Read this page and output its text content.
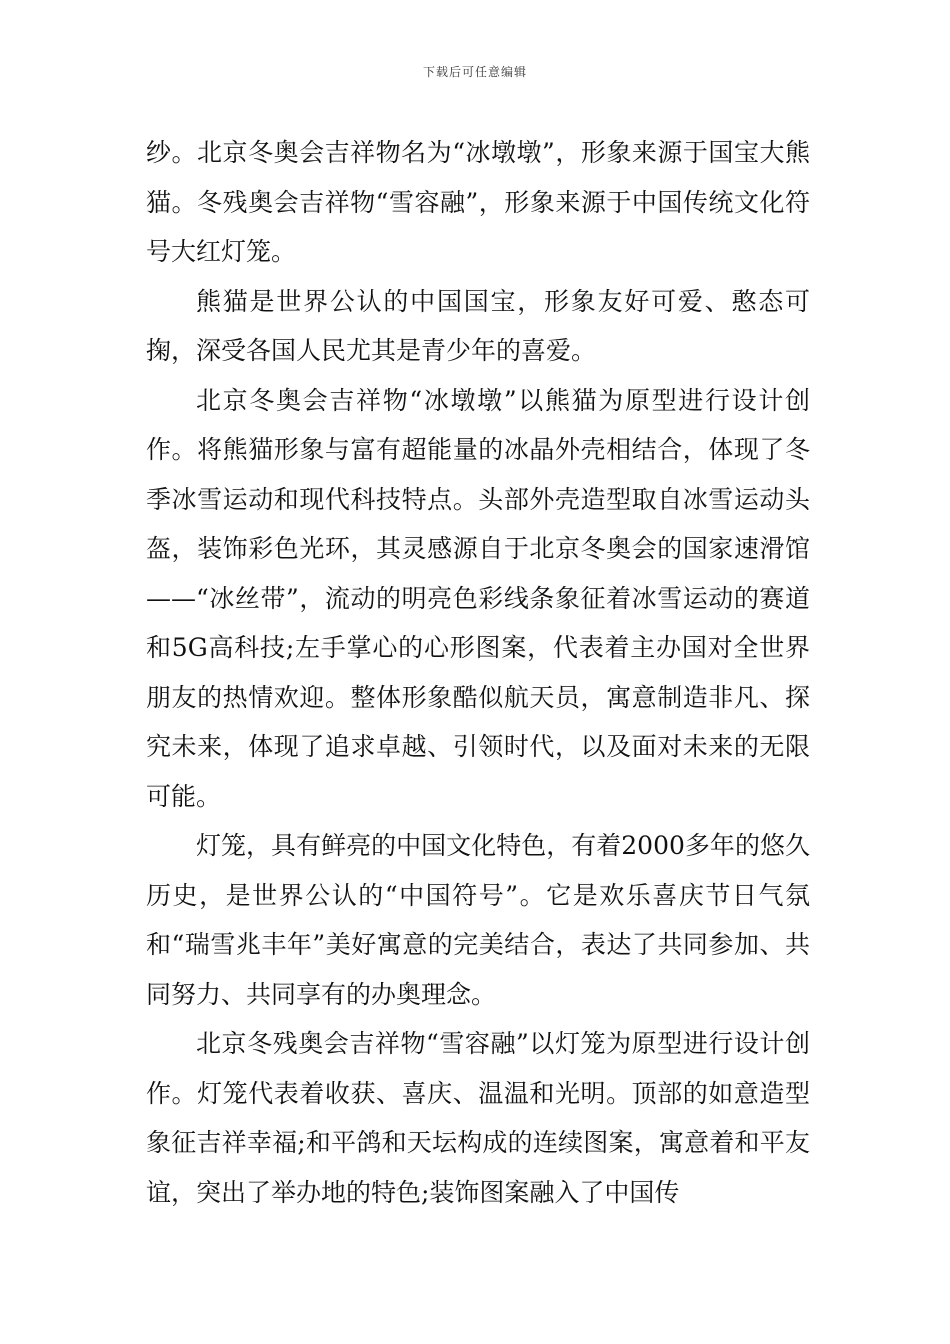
下载后可任意编辑

纱。北京冬奥会吉祥物名为“冰墩墩”，形象来源于国宝大熊猫。冬残奥会吉祥物“雪容融”，形象来源于中国传统文化符号大红灯笼。

熊猫是世界公认的中国国宝，形象友好可爱、憨态可掬，深受各国人民尤其是青少年的喜爱。

北京冬奥会吉祥物“冰墩墩”以熊猫为原型进行设计创作。将熊猫形象与富有超能量的冰晶外壳相结合，体现了冬季冰雪运动和现代科技特点。头部外壳造型取自冰雪运动头盔，装饰彩色光环，其灵感源自于北京冬奥会的国家速滑馆——“冰丝带”，流动的明亮色彩线条象征着冰雪运动的赛道和5G高科技;左手掌心的心形图案，代表着主办国对全世界朋友的热情欢迎。整体形象酷似航天员，寓意制造非凡、探究未来，体现了追求卓越、引领时代，以及面对未来的无限可能。

灯笼，具有鲜亮的中国文化特色，有着2000多年的悠久历史，是世界公认的“中国符号”。它是欢乐喜庆节日气氛和“瑞雪兆丰年”美好寓意的完美结合，表达了共同参加、共同努力、共同享有的办奥理念。

北京冬残奥会吉祥物“雪容融”以灯笼为原型进行设计创作。灯笼代表着收获、喜庆、温温和光明。顶部的如意造型象征吉祥幸福;和平鸽和天坛构成的连续图案，寓意着和平友谊，突出了举办地的特色;装饰图案融入了中国传
